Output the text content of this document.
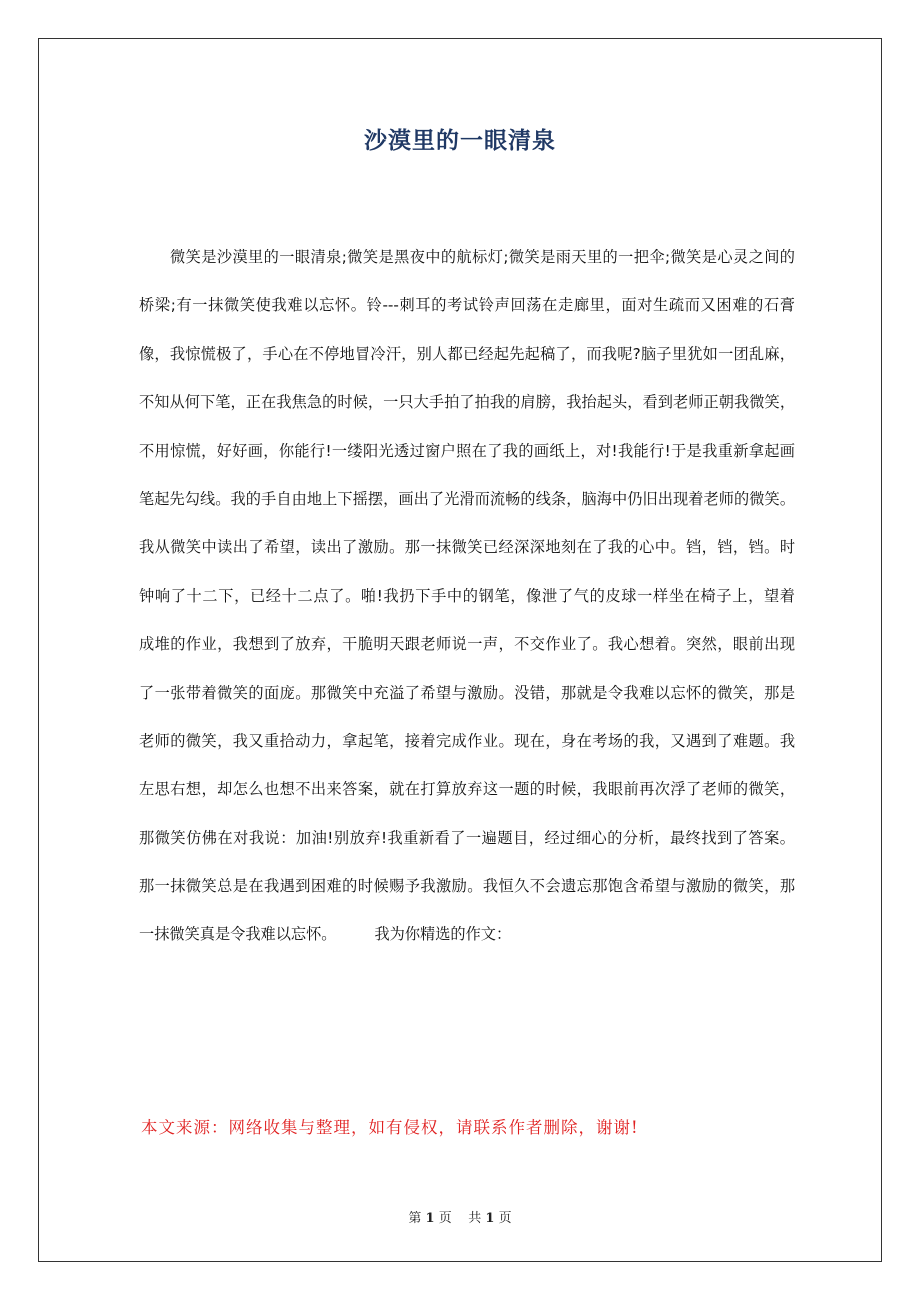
沙漠里的一眼清泉
微笑是沙漠里的一眼清泉;微笑是黑夜中的航标灯;微笑是雨天里的一把伞;微笑是心灵之间的
桥梁;有一抹微笑使我难以忘怀。铃---刺耳的考试铃声回荡在走廊里，面对生疏而又困难的石膏
像，我惊慌极了，手心在不停地冒冷汗，别人都已经起先起稿了，而我呢?脑子里犹如一团乱麻，
不知从何下笔，正在我焦急的时候，一只大手拍了拍我的肩膀，我抬起头，看到老师正朝我微笑，
不用惊慌，好好画，你能行!一缕阳光透过窗户照在了我的画纸上，对!我能行!于是我重新拿起画
笔起先勾线。我的手自由地上下摇摆，画出了光滑而流畅的线条，脑海中仍旧出现着老师的微笑。
我从微笑中读出了希望，读出了激励。那一抹微笑已经深深地刻在了我的心中。铛，铛，铛。时
钟响了十二下，已经十二点了。啪!我扔下手中的钢笔，像泄了气的皮球一样坐在椅子上，望着
成堆的作业，我想到了放弃，干脆明天跟老师说一声，不交作业了。我心想着。突然，眼前出现
了一张带着微笑的面庞。那微笑中充溢了希望与激励。没错，那就是令我难以忘怀的微笑，那是
老师的微笑，我又重拾动力，拿起笔，接着完成作业。现在，身在考场的我，又遇到了难题。我
左思右想，却怎么也想不出来答案，就在打算放弃这一题的时候，我眼前再次浮了老师的微笑，
那微笑仿佛在对我说：加油!别放弃!我重新看了一遍题目，经过细心的分析，最终找到了答案。
那一抹微笑总是在我遇到困难的时候赐予我激励。我恒久不会遗忘那饱含希望与激励的微笑，那
一抹微笑真是令我难以忘怀。	我为你精选的作文：
本文来源：网络收集与整理，如有侵权，请联系作者删除，谢谢!
第 1 页 共 1 页
